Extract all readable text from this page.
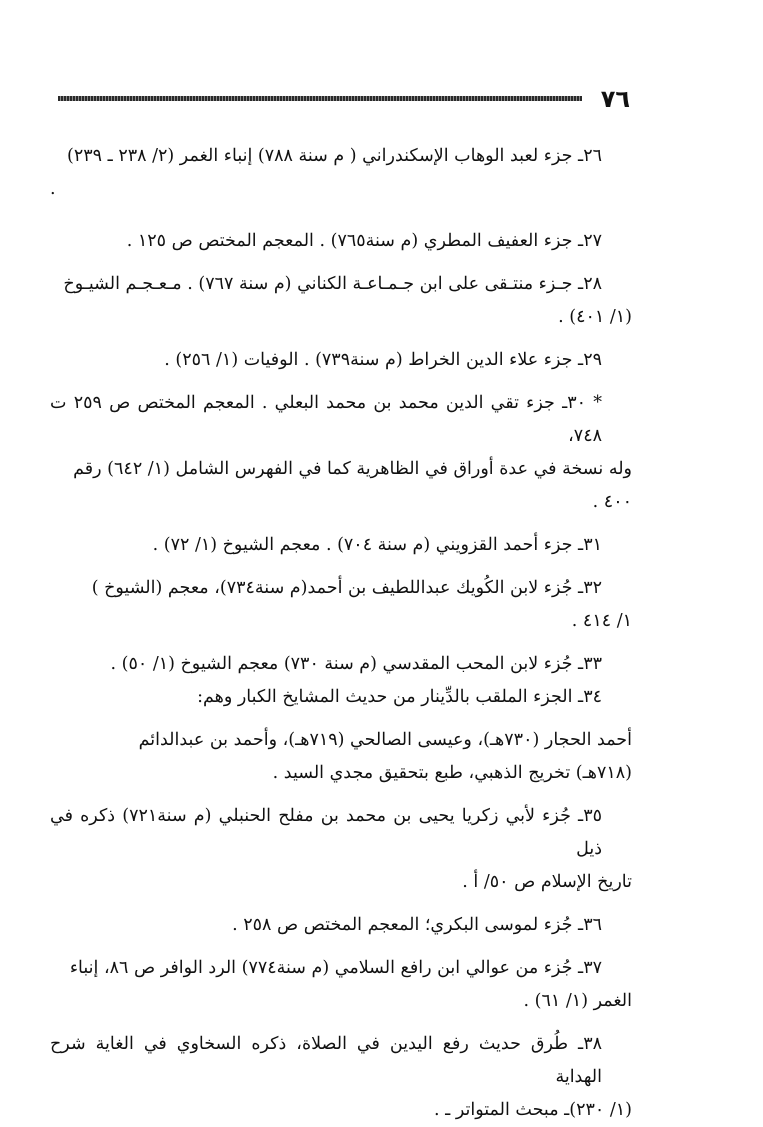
٧٦

٢٦ـ جزء لعبد الوهاب الإسكندراني ( م سنة ٧٨٨) إنباء الغمر (٢/ ٢٣٨ ـ ٢٣٩)
.

٢٧ـ جزء العفيف المطري (م سنة٧٦٥) . المعجم المختص ص ١٢٥ .

٢٨ـ جـزء منتـقى على ابن جـمـاعـة الكناني (م سنة ٧٦٧) . مـعـجـم الشيـوخ
(١/ ٤٠١) .

٢٩ـ جزء علاء الدين الخراط (م سنة٧٣٩) . الوفيات (١/ ٢٥٦) .

* ٣٠ـ جزء تقي الدين محمد بن محمد البعلي . المعجم المختص ص ٢٥٩ ت ٧٤٨،
وله نسخة في عدة أوراق في الظاهرية كما في الفهرس الشامل (١/ ٦٤٢) رقم ٤٠٠ .

٣١ـ جزء أحمد القزويني (م سنة ٧٠٤) . معجم الشيوخ (١/ ٧٢) .

٣٢ـ جُزء لابن الكُويك عبداللطيف بن أحمد(م سنة٧٣٤)، معجم (الشيوخ )
١/ ٤١٤ .

٣٣ـ جُزء لابن المحب المقدسي (م سنة ٧٣٠) معجم الشيوخ (١/ ٥٠) .

٣٤ـ الجزء الملقب بالدِّينار من حديث المشايخ الكبار وهم:

أحمد الحجار (٧٣٠هـ)، وعيسى الصالحي (٧١٩هـ)، وأحمد بن عبدالدائم
(٧١٨هـ) تخريج الذهبي، طبع بتحقيق مجدي السيد .

٣٥ـ جُزء لأبي زكريا يحيى بن محمد بن مفلح الحنبلي (م سنة٧٢١) ذكره في ذيل
تاريخ الإسلام ص ٥٠/ أ .

٣٦ـ جُزء لموسى البكري؛ المعجم المختص ص ٢٥٨ .

٣٧ـ جُزء من عوالي ابن رافع السلامي (م سنة٧٧٤) الرد الوافر ص ٨٦، إنباء
الغمر (١/ ٦١) .

٣٨ـ طُرق حديث رفع اليدين في الصلاة، ذكره السخاوي في الغاية شرح الهداية
(١/ ٢٣٠)ـ مبحث المتواتر ـ .
